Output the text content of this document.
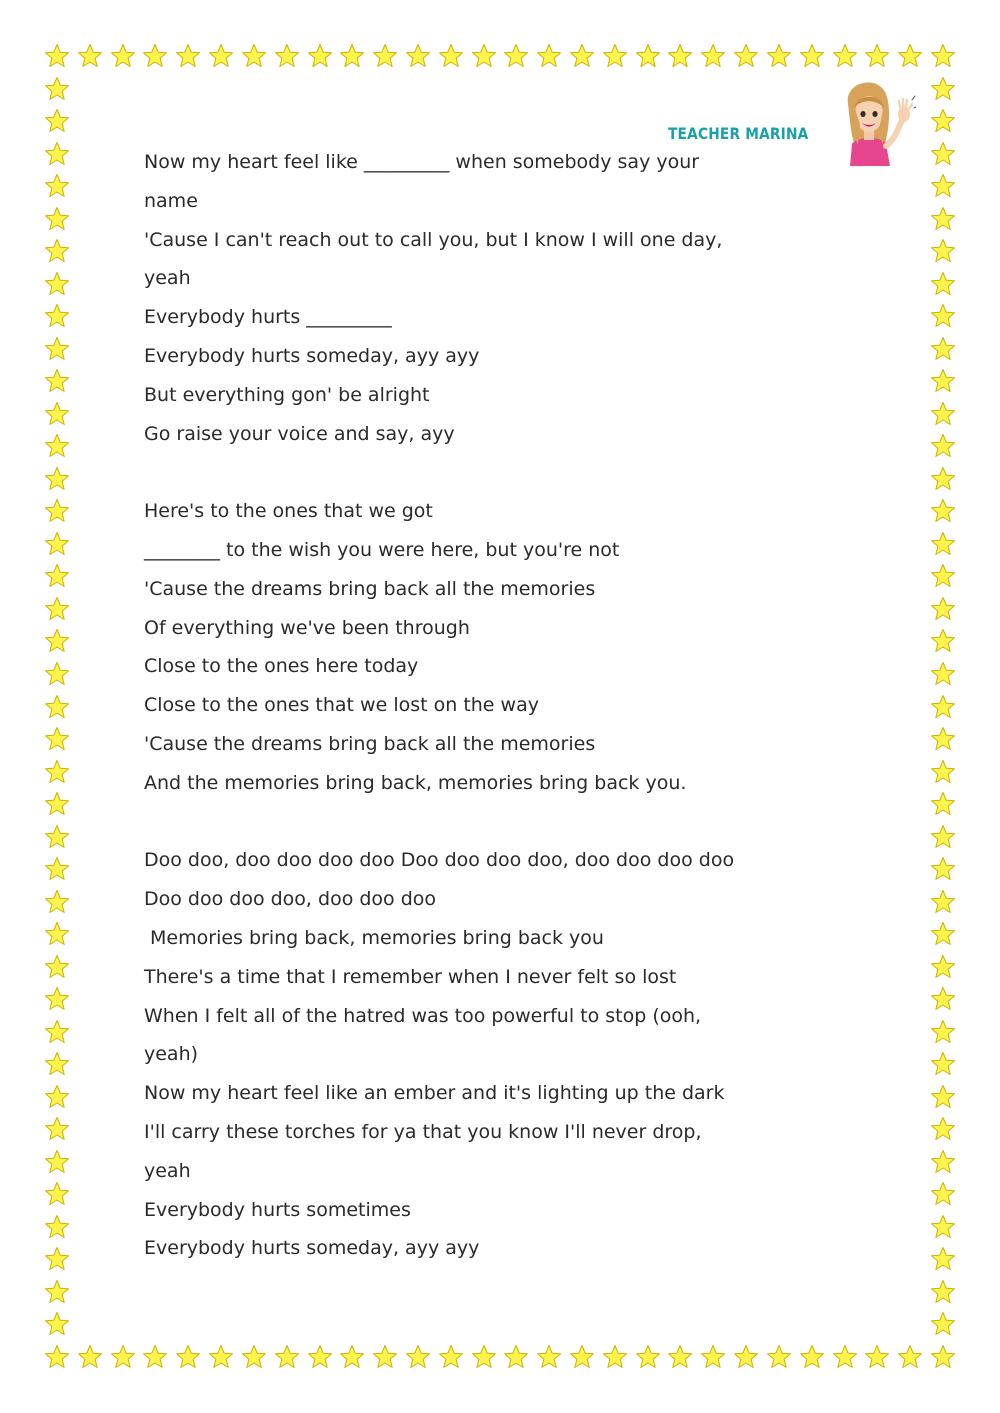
TEACHER MARINA
Now my heart feel like _________ when somebody say your
name
'Cause I can't reach out to call you, but I know I will one day,
yeah
Everybody hurts _________
Everybody hurts someday, ayy ayy
But everything gon' be alright
Go raise your voice and say, ayy
Here's to the ones that we got
________ to the wish you were here, but you're not
'Cause the dreams bring back all the memories
Of everything we've been through
Close to the ones here today
Close to the ones that we lost on the way
'Cause the dreams bring back all the memories
And the memories bring back, memories bring back you.
Doo doo, doo doo doo doo Doo doo doo doo, doo doo doo doo
Doo doo doo doo, doo doo doo
Memories bring back, memories bring back you
There's a time that I remember when I never felt so lost
When I felt all of the hatred was too powerful to stop (ooh,
yeah)
Now my heart feel like an ember and it's lighting up the dark
I'll carry these torches for ya that you know I'll never drop,
yeah
Everybody hurts sometimes
Everybody hurts someday, ayy ayy
